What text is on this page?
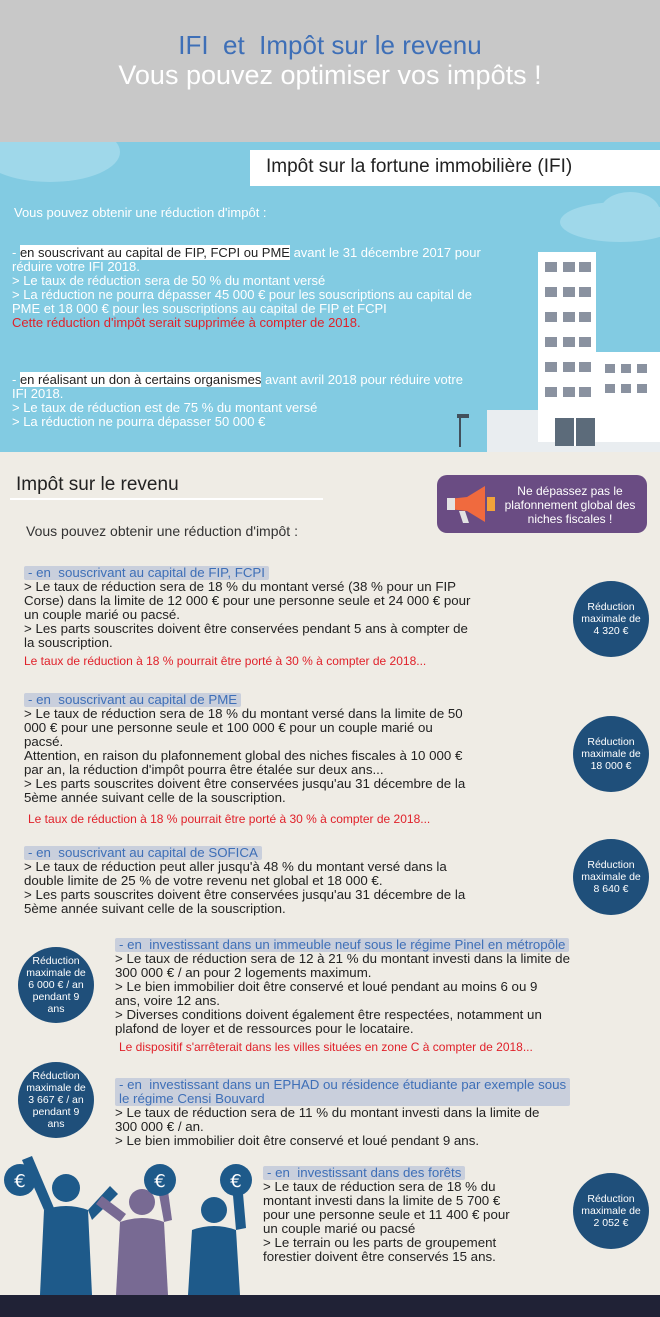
IFI  et  Impôt sur le revenu
Vous pouvez optimiser vos impôts !
Impôt sur la fortune immobilière (IFI)

Vous pouvez obtenir une réduction d'impôt :

- en souscrivant au capital de FIP, FCPI ou PME avant le 31 décembre 2017 pour réduire votre IFI 2018.
> Le taux de réduction sera de 50 % du montant versé
> La réduction ne pourra dépasser 45 000 € pour les souscriptions au capital de PME et 18 000 € pour les souscriptions au capital de FIP et FCPI
Cette réduction d'impôt serait supprimée à compter de 2018.

- en réalisant un don à certains organismes avant avril 2018 pour réduire votre IFI 2018.
> Le taux de réduction est de 75 % du montant versé
> La réduction ne pourra dépasser 50 000 €

Impôt sur le revenu	Ne dépassez pas le plafonnement global des niches fiscales !
Vous pouvez obtenir une réduction d'impôt :
- en  souscrivant au capital de FIP, FCPI
> Le taux de réduction sera de 18 % du montant versé (38 % pour un FIP
Corse) dans la limite de 12 000 € pour une personne seule et 24 000 € pour
un couple marié ou pacsé.
> Les parts souscrites doivent être conservées pendant 5 ans à compter de
la souscription.
Le taux de réduction à 18 % pourrait être porté à 30 % à compter de 2018...
Réduction maximale de 4 320 €
- en  souscrivant au capital de PME
> Le taux de réduction sera de 18 % du montant versé dans la limite de 50
000 € pour une personne seule et 100 000 € pour un couple marié ou
pacsé.
Attention, en raison du plafonnement global des niches fiscales à 10 000 €
par an, la réduction d'impôt pourra être étalée sur deux ans...
> Les parts souscrites doivent être conservées jusqu'au 31 décembre de la
5ème année suivant celle de la souscription.
Le taux de réduction à 18 % pourrait être porté à 30 % à compter de 2018...
Réduction maximale de 18 000 €
- en  souscrivant au capital de SOFICA
> Le taux de réduction peut aller jusqu'à 48 % du montant versé dans la
double limite de 25 % de votre revenu net global et 18 000 €.
> Les parts souscrites doivent être conservées jusqu'au 31 décembre de la
5ème année suivant celle de la souscription.
Réduction maximale de 8 640 €
- en  investissant dans un immeuble neuf sous le régime Pinel en métropôle
> Le taux de réduction sera de 12 à 21 % du montant investi dans la limite de
300 000 € / an pour 2 logements maximum.
> Le bien immobilier doit être conservé et loué pendant au moins 6 ou 9
ans, voire 12 ans.
> Diverses conditions doivent également être respectées, notamment un
plafond de loyer et de ressources pour le locataire.
Le dispositif s'arrêterait dans les villes situées en zone C à compter de 2018...
Réduction maximale de 6 000 € / an pendant 9 ans
- en  investissant dans un EPHAD ou résidence étudiante par exemple sous
le régime Censi Bouvard
> Le taux de réduction sera de 11 % du montant investi dans la limite de
300 000 € / an.
> Le bien immobilier doit être conservé et loué pendant 9 ans.
Réduction maximale de 3 667 € / an pendant 9 ans
- en  investissant dans des forêts
> Le taux de réduction sera de 18 % du
montant investi dans la limite de 5 700 €
pour une personne seule et 11 400 € pour
un couple marié ou pacsé
> Le terrain ou les parts de groupement
forestier doivent être conservés 15 ans.
Réduction maximale de 2 052 €
€	€	€
